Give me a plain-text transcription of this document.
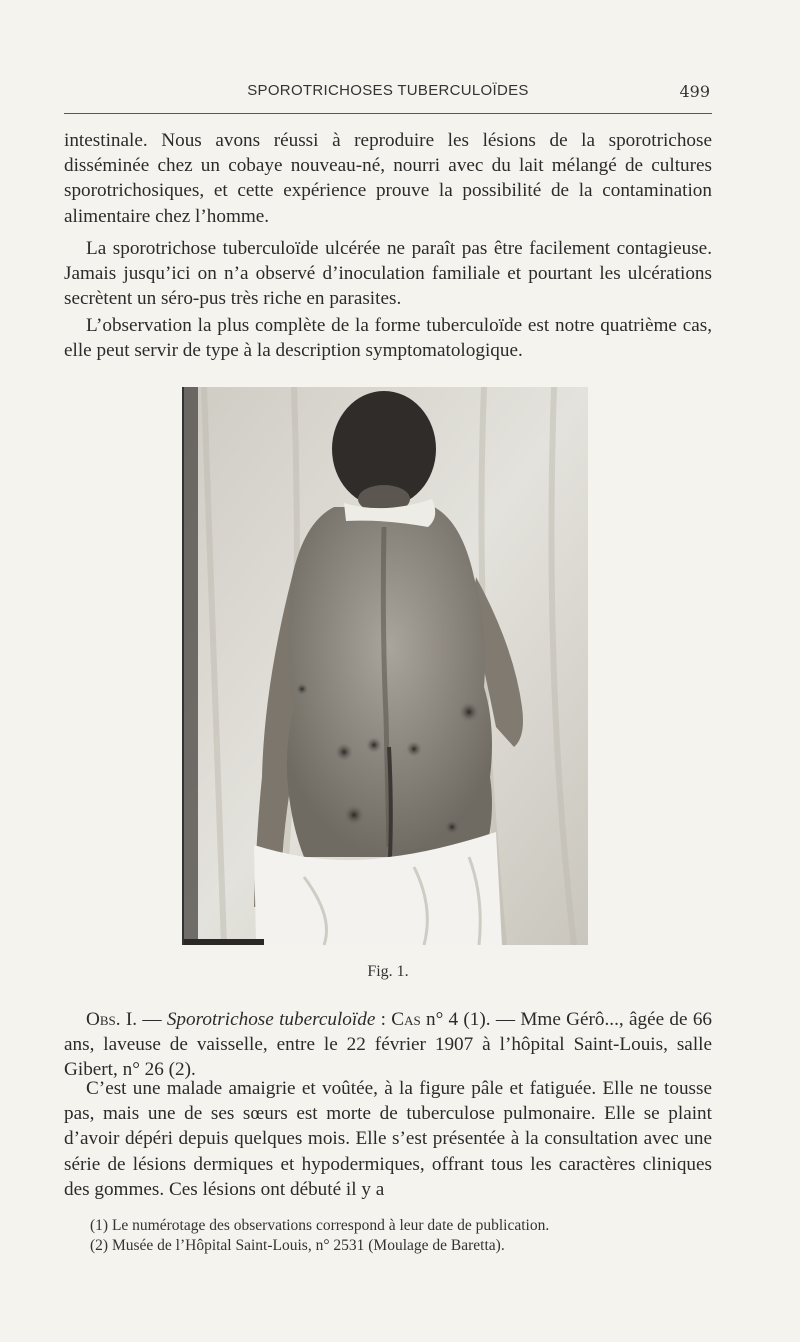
SPOROTRICHOSES TUBERCULOÏDES	499

intestinale. Nous avons réussi à reproduire les lésions de la sporotrichose disséminée chez un cobaye nouveau-né, nourri avec du lait mélangé de cultures sporotrichosiques, et cette expérience prouve la possibilité de la contamination alimentaire chez l’homme.

La sporotrichose tuberculoïde ulcérée ne paraît pas être facilement contagieuse. Jamais jusqu’ici on n’a observé d’inoculation familiale et pourtant les ulcérations secrètent un séro-pus très riche en parasites.

L’observation la plus complète de la forme tuberculoïde est notre quatrième cas, elle peut servir de type à la description symptomatologique.

Fig. 1.

Obs. I. — Sporotrichose tuberculoïde : Cas n° 4 (1). — Mme Gérô..., âgée de 66 ans, laveuse de vaisselle, entre le 22 février 1907 à l’hôpital Saint-Louis, salle Gibert, n° 26 (2).

C’est une malade amaigrie et voûtée, à la figure pâle et fatiguée. Elle ne tousse pas, mais une de ses sœurs est morte de tuberculose pulmonaire. Elle se plaint d’avoir dépéri depuis quelques mois. Elle s’est présentée à la consultation avec une série de lésions dermiques et hypodermiques, offrant tous les caractères cliniques des gommes. Ces lésions ont débuté il y a

(1) Le numérotage des observations correspond à leur date de publication.

(2) Musée de l’Hôpital Saint-Louis, n° 2531 (Moulage de Baretta).
